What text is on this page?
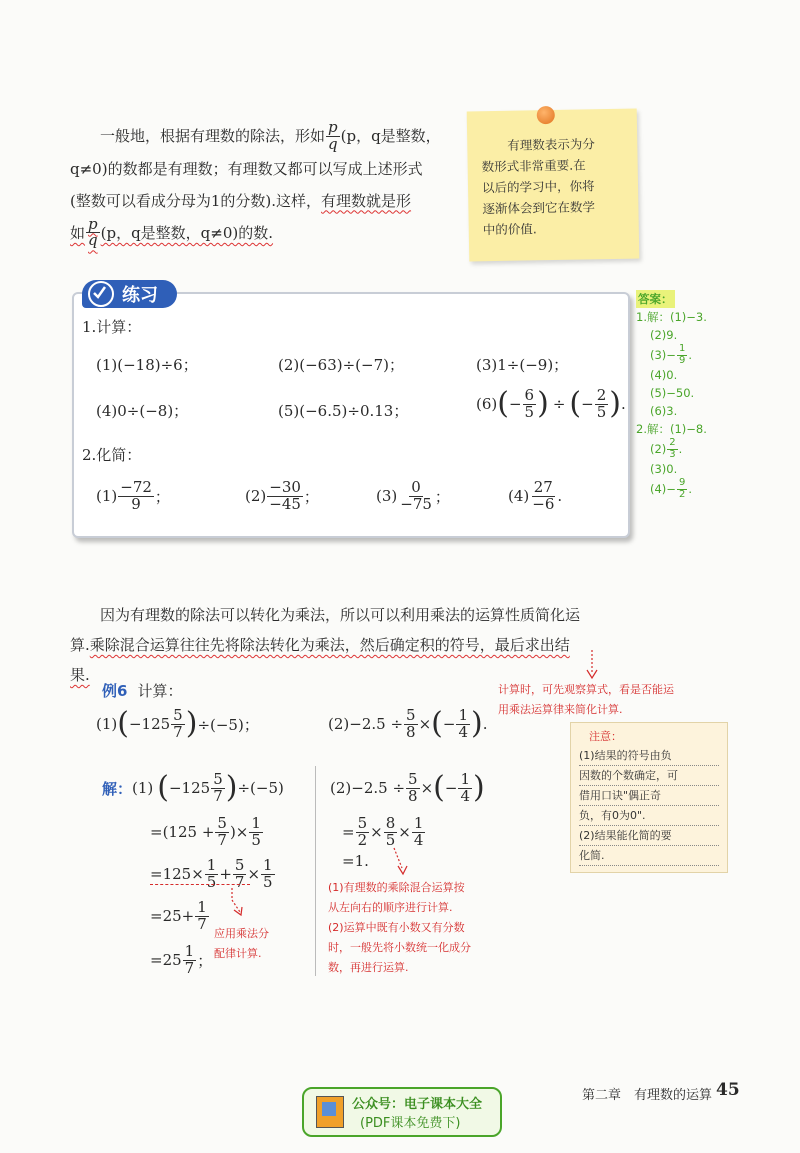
一般地，根据有理数的除法，形如 $\frac{p}{q} (p$，q是整数，
q≠0)的数都是有理数；有理数又都可以写成上述形式
(整数可以看成分母为1的分数).这样， 有理数就是形
如 $\frac{p}{q} (p$，q是整数，q≠0)的数.
有理数表示为分
数形式非常重要.在
以后的学习中，你将
逐渐体会到它在数学
中的价值.
练习
1.计算：
(1)(−18)÷6；	(2)(−63)÷(−7)；	(3)1÷(−9)；
(4)0÷(−8)；	(5)(−6.5)÷0.13；	(6) ( − $\frac{6}{5}$ ) ÷ ( − $\frac{2}{5}$ ) .
2.化简：
$(1) \frac{-72}{9}$ ；	$(2) \frac{-30}{-45}$ ；	$(3) \frac{0}{-75}$ ；	$(4) \frac{27}{-6}$ .
答案：
1.解：(1)−3.
(2)9.
$(3)- \frac{1}{9}$ .
(4)0.
(5)−50.
(6)3.
2.解：(1)−8.
$(2) \frac{2}{3}$ .
(3)0.
$(4)- \frac{9}{2}$ .
因为有理数的除法可以转化为乘法，所以可以利用乘法的运算性质简化运
算. 乘除混合运算往往先将除法转化为乘法，然后确定积的符号，最后求出结
果.
计算时，可先观察算式，看是否能运
用乘法运算律来简化计算.
注意：
(1)结果的符号由负
因数的个数确定，可
借用口诀"偶正奇
负，有0为0".
(2)结果能化简的要
化简.
例6 计算：
(1) ( $-125 \frac{5}{7}$ ) ÷(−5)；	$(2)-2.5 \div \frac{5}{8}$ × ( − $\frac{1}{4}$ ) .
解： (1) ( $-125 \frac{5}{7}$ ) ÷(−5)
$=(125 + \frac{5}{7}$ )× $\frac{1}{5}$
$=125\times \frac{1}{5} + \frac{5}{7} \times \frac{1}{5}$
$=25+ \frac{1}{7}$
$=25 \frac{1}{7}$ ；
应用乘法分
配律计算.
$(2)-2.5 \div \frac{5}{8}$ × ( − $\frac{1}{4}$ )
= $\frac{5}{2} \times \frac{8}{5} \times \frac{1}{4}$
=1.
(1)有理数的乘除混合运算按
从左向右的顺序进行计算.
(2)运算中既有小数又有分数
时，一般先将小数统一化成分
数，再进行运算.
公众号：电子课本大全
(PDF课本免费下)
第二章　有理数的运算 45
